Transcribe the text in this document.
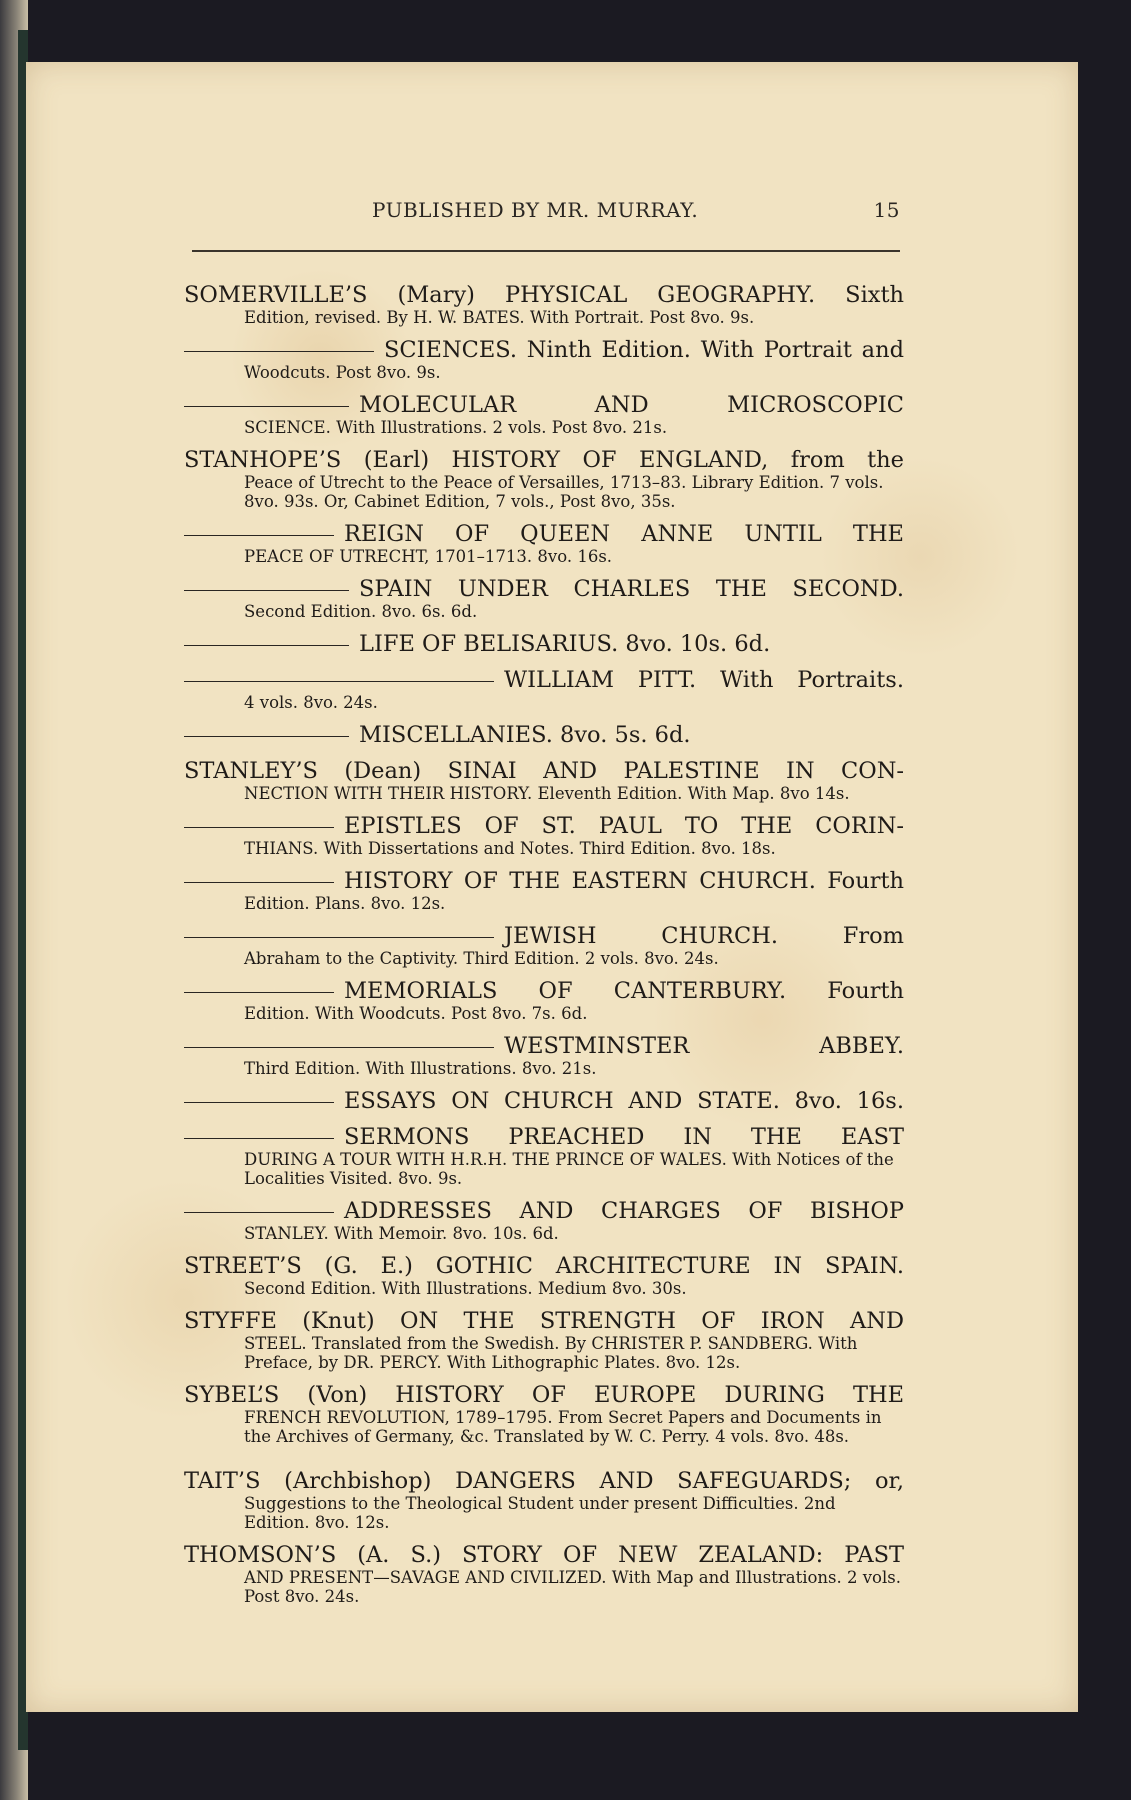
PUBLISHED BY MR. MURRAY.	15
SOMERVILLE’S (Mary) PHYSICAL GEOGRAPHY. Sixth
Edition, revised. By H. W. BATES. With Portrait. Post 8vo. 9s.
SCIENCES. Ninth Edition. With Portrait and
Woodcuts. Post 8vo. 9s.
MOLECULAR AND MICROSCOPIC
SCIENCE. With Illustrations. 2 vols. Post 8vo. 21s.
STANHOPE’S (Earl) HISTORY OF ENGLAND, from the
Peace of Utrecht to the Peace of Versailles, 1713–83. Library Edition. 7 vols. 8vo. 93s. Or, Cabinet Edition, 7 vols., Post 8vo, 35s.
REIGN OF QUEEN ANNE UNTIL THE
PEACE OF UTRECHT, 1701–1713. 8vo. 16s.
SPAIN UNDER CHARLES THE SECOND.
Second Edition. 8vo. 6s. 6d.
LIFE OF BELISARIUS. 8vo. 10s. 6d.
WILLIAM PITT. With Portraits.
4 vols. 8vo. 24s.
MISCELLANIES. 8vo. 5s. 6d.
STANLEY’S (Dean) SINAI AND PALESTINE IN CON-
NECTION WITH THEIR HISTORY. Eleventh Edition. With Map. 8vo 14s.
EPISTLES OF ST. PAUL TO THE CORIN-
THIANS. With Dissertations and Notes. Third Edition. 8vo. 18s.
HISTORY OF THE EASTERN CHURCH. Fourth
Edition. Plans. 8vo. 12s.
JEWISH CHURCH. From
Abraham to the Captivity. Third Edition. 2 vols. 8vo. 24s.
MEMORIALS OF CANTERBURY. Fourth
Edition. With Woodcuts. Post 8vo. 7s. 6d.
WESTMINSTER ABBEY.
Third Edition. With Illustrations. 8vo. 21s.
ESSAYS ON CHURCH AND STATE. 8vo. 16s.
SERMONS PREACHED IN THE EAST
DURING A TOUR WITH H.R.H. THE PRINCE OF WALES. With Notices of the Localities Visited. 8vo. 9s.
ADDRESSES AND CHARGES OF BISHOP
STANLEY. With Memoir. 8vo. 10s. 6d.
STREET’S (G. E.) GOTHIC ARCHITECTURE IN SPAIN.
Second Edition. With Illustrations. Medium 8vo. 30s.
STYFFE (Knut) ON THE STRENGTH OF IRON AND
STEEL. Translated from the Swedish. By CHRISTER P. SANDBERG. With Preface, by DR. PERCY. With Lithographic Plates. 8vo. 12s.
SYBEL’S (Von) HISTORY OF EUROPE DURING THE
FRENCH REVOLUTION, 1789–1795. From Secret Papers and Documents in the Archives of Germany, &c. Translated by W. C. Perry. 4 vols. 8vo. 48s.
TAIT’S (Archbishop) DANGERS AND SAFEGUARDS; or,
Suggestions to the Theological Student under present Difficulties. 2nd Edition. 8vo. 12s.
THOMSON’S (A. S.) STORY OF NEW ZEALAND: PAST
AND PRESENT—SAVAGE AND CIVILIZED. With Map and Illustrations. 2 vols. Post 8vo. 24s.
